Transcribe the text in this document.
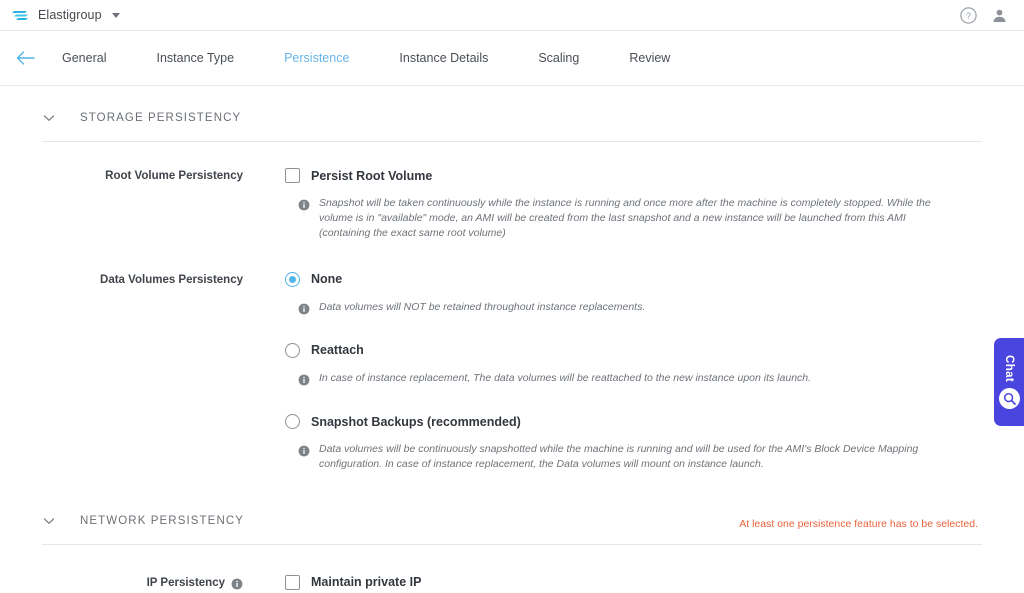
Elastigroup	?
General	Instance Type	Persistence	Instance Details	Scaling	Review
STORAGE PERSISTENCY
Root Volume Persistency	Persist Root Volume
Snapshot will be taken continuously while the instance is running and once more after the machine is completely stopped. While the volume is in "available" mode, an AMI will be created from the last snapshot and a new instance will be launched from this AMI (containing the exact same root volume)
Data Volumes Persistency	None
Data volumes will NOT be retained throughout instance replacements.
Reattach
In case of instance replacement, The data volumes will be reattached to the new instance upon its launch.
Snapshot Backups (recommended)
Data volumes will be continuously snapshotted while the machine is running and will be used for the AMI's Block Device Mapping configuration. In case of instance replacement, the Data volumes will mount on instance launch.
NETWORK PERSISTENCY
IP Persistency	Maintain private IP
At least one persistence feature has to be selected.
Chat
